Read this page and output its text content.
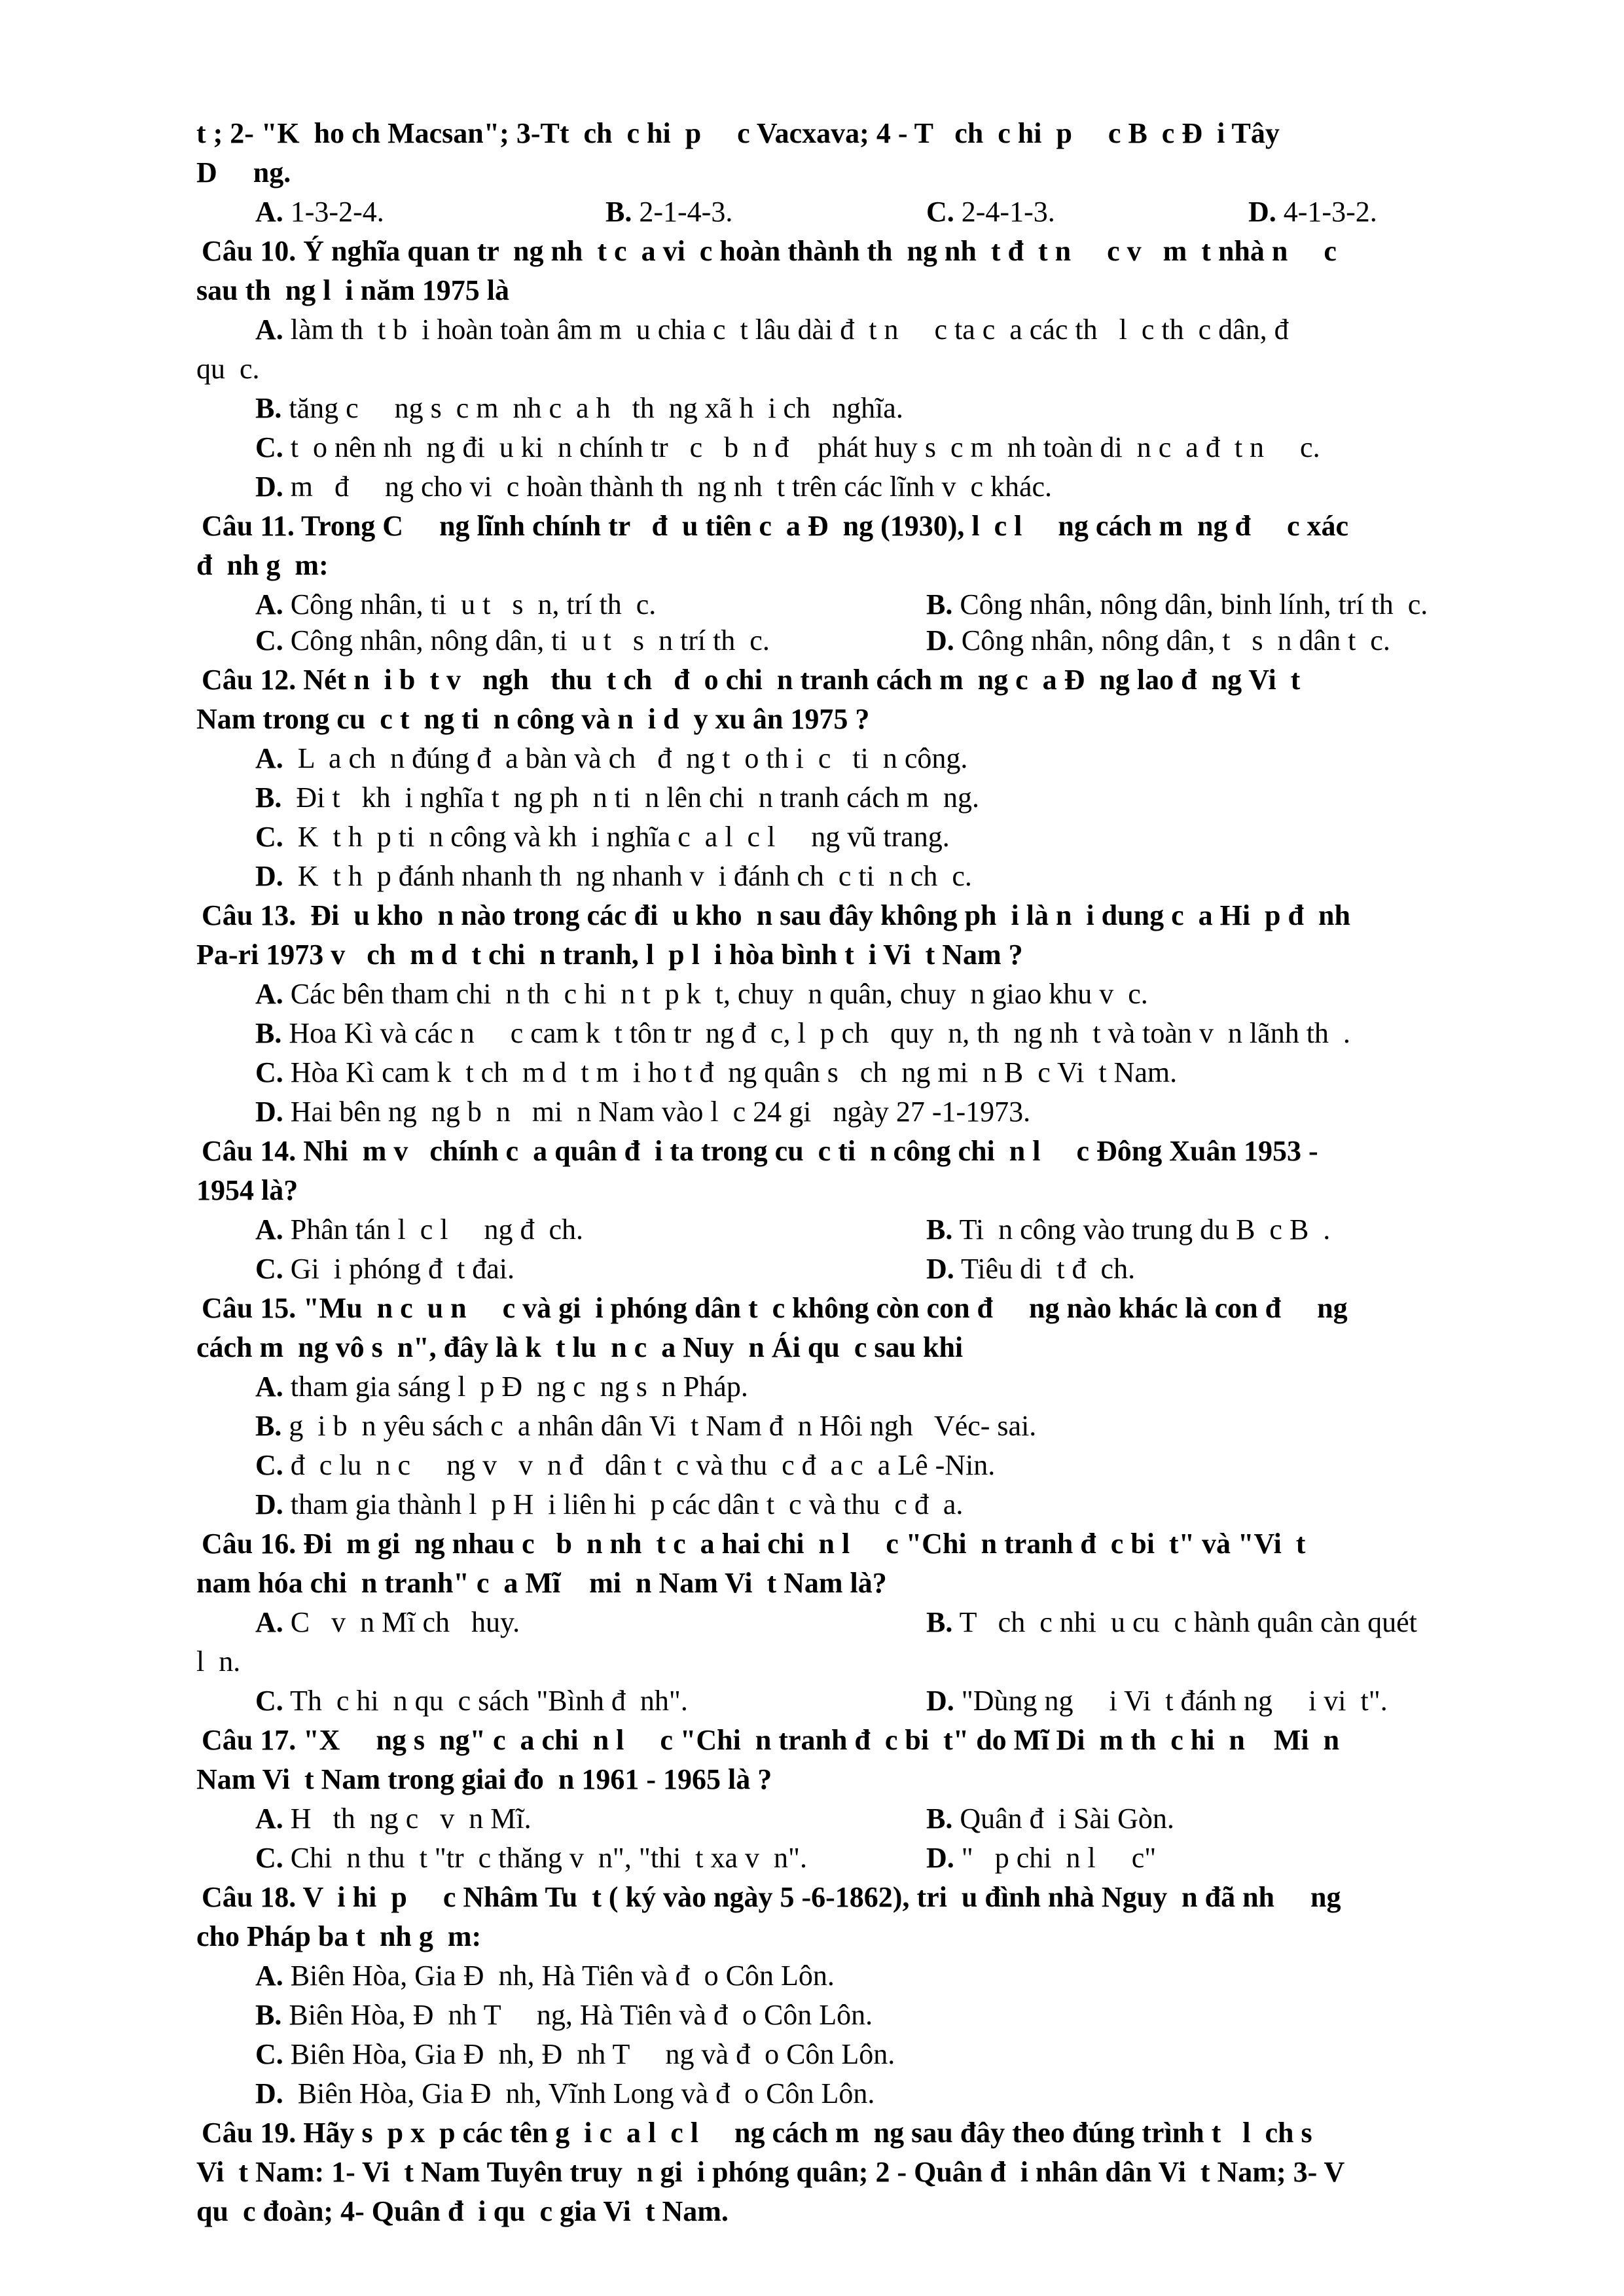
t ; 2- "K  ho ch Macsan"; 3-Tt  ch  c hi  p     c Vacxava; 4 - T   ch  c hi  p     c B  c Đ  i Tây
D     ng.
A. 1-3-2-4.	B. 2-1-4-3.	C. 2-4-1-3.	D. 4-1-3-2.
Câu 10. Ý nghĩa quan tr  ng nh  t c  a vi  c hoàn thành th  ng nh  t đ  t n     c v   m  t nhà n     c
sau th  ng l  i năm 1975 là
A. làm th  t b  i hoàn toàn âm m  u chia c  t lâu dài đ  t n     c ta c  a các th   l  c th  c dân, đ
qu  c.
B. tăng c     ng s  c m  nh c  a h   th  ng xã h  i ch   nghĩa.
C. t  o nên nh  ng đi  u ki  n chính tr   c   b  n đ    phát huy s  c m  nh toàn di  n c  a đ  t n     c.
D. m   đ     ng cho vi  c hoàn thành th  ng nh  t trên các lĩnh v  c khác.
Câu 11. Trong C     ng lĩnh chính tr   đ  u tiên c  a Đ  ng (1930), l  c l     ng cách m  ng đ     c xác
đ  nh g  m:
A. Công nhân, ti  u t   s  n, trí th  c.	B. Công nhân, nông dân, binh lính, trí th  c.
C. Công nhân, nông dân, ti  u t   s  n trí th  c.	D. Công nhân, nông dân, t   s  n dân t  c.
Câu 12. Nét n  i b  t v   ngh   thu  t ch   đ  o chi  n tranh cách m  ng c  a Đ  ng lao đ  ng Vi  t
Nam trong cu  c t  ng ti  n công và n  i d  y xu ân 1975 ?
A. L  a ch  n đúng đ  a bàn và ch   đ  ng t  o th i  c   ti  n công.
B. Đi t   kh  i nghĩa t  ng ph  n ti  n lên chi  n tranh cách m  ng.
C. K  t h  p ti  n công và kh  i nghĩa c  a l  c l     ng vũ trang.
D. K  t h  p đánh nhanh th  ng nhanh v  i đánh ch  c ti  n ch  c.
Câu 13.  Đi  u kho  n nào trong các đi  u kho  n sau đây không ph  i là n  i dung c  a Hi  p đ  nh
Pa-ri 1973 v   ch  m d  t chi  n tranh, l  p l  i hòa bình t  i Vi  t Nam ?
A. Các bên tham chi  n th  c hi  n t  p k  t, chuy  n quân, chuy  n giao khu v  c.
B. Hoa Kì và các n     c cam k  t tôn tr  ng đ  c, l  p ch   quy  n, th  ng nh  t và toàn v  n lãnh th  .
C. Hòa Kì cam k  t ch  m d  t m  i ho t đ  ng quân s   ch  ng mi  n B  c Vi  t Nam.
D. Hai bên ng  ng b  n   mi  n Nam vào l  c 24 gi   ngày 27 -1-1973.
Câu 14. Nhi  m v   chính c  a quân đ  i ta trong cu  c ti  n công chi  n l     c Đông Xuân 1953 -
1954 là?
A. Phân tán l  c l     ng đ  ch.	B. Ti  n công vào trung du B  c B  .
C. Gi  i phóng đ  t đai.	D. Tiêu di  t đ  ch.
Câu 15. "Mu  n c  u n     c và gi  i phóng dân t  c không còn con đ     ng nào khác là con đ     ng
cách m  ng vô s  n", đây là k  t lu  n c  a Nuy  n Ái qu  c sau khi
A. tham gia sáng l  p Đ  ng c  ng s  n Pháp.
B. g  i b  n yêu sách c  a nhân dân Vi  t Nam đ  n Hôi ngh   Véc- sai.
C. đ  c lu  n c     ng v   v  n đ   dân t  c và thu  c đ  a c  a Lê -Nin.
D. tham gia thành l  p H  i liên hi  p các dân t  c và thu  c đ  a.
Câu 16. Đi  m gi  ng nhau c   b  n nh  t c  a hai chi  n l     c "Chi  n tranh đ  c bi  t" và "Vi  t
nam hóa chi  n tranh" c  a Mĩ    mi  n Nam Vi  t Nam là?
A. C   v  n Mĩ ch   huy.	B. T   ch  c nhi  u cu  c hành quân càn quét
l  n.
C. Th  c hi  n qu  c sách "Bình đ  nh".	D. "Dùng ng     i Vi  t đánh ng     i vi  t".
Câu 17. "X     ng s  ng" c  a chi  n l     c "Chi  n tranh đ  c bi  t" do Mĩ Di  m th  c hi  n    Mi  n
Nam Vi  t Nam trong giai đo  n 1961 - 1965 là ?
A. H   th  ng c   v  n Mĩ.	B. Quân đ  i Sài Gòn.
C. Chi  n thu  t "tr  c thăng v  n", "thi  t xa v  n".	D. "   p chi  n l     c"
Câu 18. V  i hi  p     c Nhâm Tu  t ( ký vào ngày 5 -6-1862), tri  u đình nhà Nguy  n đã nh     ng
cho Pháp ba t  nh g  m:
A. Biên Hòa, Gia Đ  nh, Hà Tiên và đ  o Côn Lôn.
B. Biên Hòa, Đ  nh T     ng, Hà Tiên và đ  o Côn Lôn.
C. Biên Hòa, Gia Đ  nh, Đ  nh T     ng và đ  o Côn Lôn.
D. Biên Hòa, Gia Đ  nh, Vĩnh Long và đ  o Côn Lôn.
Câu 19. Hãy s  p x  p các tên g  i c  a l  c l     ng cách m  ng sau đây theo đúng trình t   l  ch s
Vi  t Nam: 1- Vi  t Nam Tuyên truy  n gi  i phóng quân; 2 - Quân đ  i nhân dân Vi  t Nam; 3- V
qu  c đoàn; 4- Quân đ  i qu  c gia Vi  t Nam.
